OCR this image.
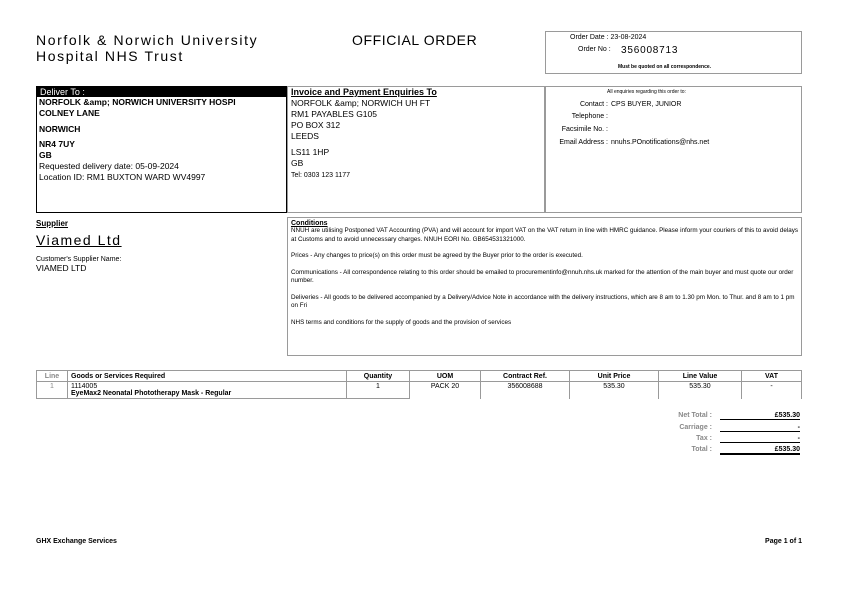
Norfolk & Norwich University
Hospital NHS Trust
OFFICIAL ORDER	Order Date : 23-08-2024
Order No : 356008713
Must be quoted on all correspondence.
Deliver To :
NORFOLK &amp; NORWICH UNIVERSITY HOSPI
COLNEY LANE
NORWICH
NR4 7UY
GB
Requested delivery date: 05-09-2024
Location ID: RM1 BUXTON WARD WV4997
Invoice and Payment Enquiries To
NORFOLK &amp; NORWICH UH FT
RM1 PAYABLES G105
PO BOX 312
LEEDS
LS11 1HP
GB
Tel: 0303 123 1177
All enquiries regarding this order to:
Contact : CPS BUYER, JUNIOR
Telephone :
Facsimile No. :
Email Address : nnuhs.POnotifications@nhs.net
Supplier
Viamed Ltd
Customer's Supplier Name:
VIAMED LTD
Conditions
NNUH are utilising Postponed VAT Accounting (PVA) and will account for import VAT on the VAT return in line with HMRC guidance. Please inform your couriers of this to avoid delays at Customs and to avoid unnecessary charges. NNUH EORI No. GB654531321000.
Prices - Any changes to price(s) on this order must be agreed by the Buyer prior to the order is executed.
Communications - All correspondence relating to this order should be emailed to procurementinfo@nnuh.nhs.uk marked for the attention of the main buyer and must quote our order number.
Deliveries - All goods to be delivered accompanied by a Delivery/Advice Note in accordance with the delivery instructions, which are 8 am to 1.30 pm Mon. to Thur. and 8 am to 1 pm on Fri
NHS terms and conditions for the supply of goods and the provision of services
Line	Goods or Services Required	Quantity	UOM	Contract Ref.	Unit Price	Line Value	VAT
1	1114005
EyeMax2 Neonatal Phototherapy Mask - Regular	1	PACK 20	356008688	535.30	535.30	-
Net Total :	£535.30
Carriage :	-
Tax :	-
Total :	£535.30
GHX Exchange Services	Page 1 of 1
